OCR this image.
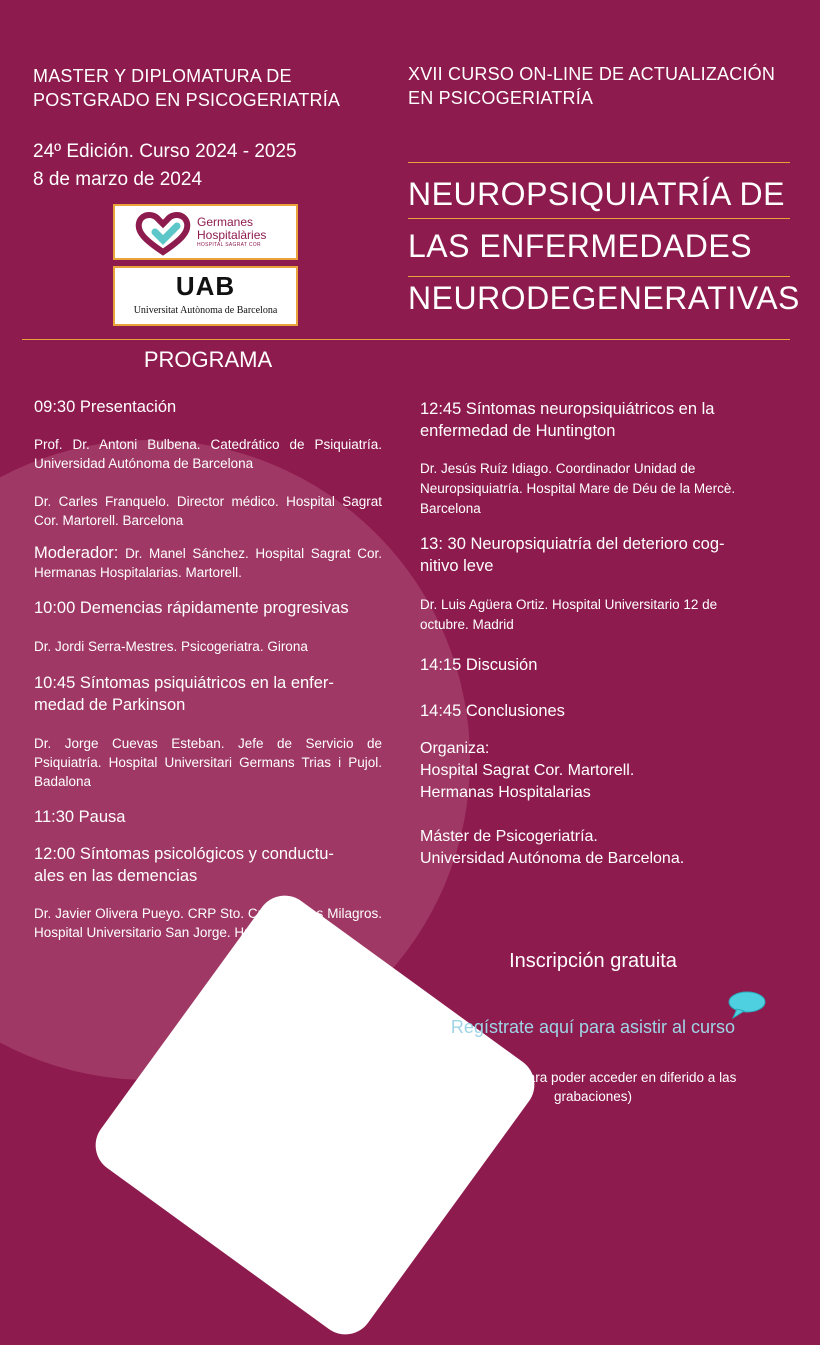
MASTER Y DIPLOMATURA DE
POSTGRADO EN PSICOGERIATRÍA
24º Edición. Curso 2024 - 2025
8 de marzo de 2024
XVII CURSO ON-LINE DE ACTUALIZACIÓN
EN PSICOGERIATRÍA
Germanes
Hospitalàries
HOSPITAL SAGRAT COR
UAB
Universitat Autònoma de Barcelona
NEUROPSIQUIATRÍA DE
LAS ENFERMEDADES
NEURODEGENERATIVAS
PROGRAMA
09:30 Presentación
Prof. Dr. Antoni Bulbena. Catedrático de Psiquiatría. Universidad Autónoma de Barcelona
Dr. Carles Franquelo. Director médico. Hospital Sagrat Cor. Martorell. Barcelona
Moderador: Dr. Manel Sánchez. Hospital Sagrat Cor. Hermanas Hospitalarias. Martorell.
10:00 Demencias rápidamente progresivas
Dr. Jordi Serra-Mestres. Psicogeriatra. Girona
10:45 Síntomas psiquiátricos en la enfer-
medad de Parkinson
Dr. Jorge Cuevas Esteban. Jefe de Servicio de Psiquiatría. Hospital Universitari Germans Trias i Pujol. Badalona
11:30 Pausa
12:00 Síntomas psicológicos y conductu-
ales en las demencias
Dr. Javier Olivera Pueyo. CRP Sto. Cristo de los Milagros. Hospital Universitario San Jorge. Huesca
12:45 Síntomas neuropsiquiátricos en la
enfermedad de Huntington
Dr. Jesús Ruíz Idiago. Coordinador Unidad de Neuropsiquiatría. Hospital Mare de Déu de la Mercè. Barcelona
13: 30 Neuropsiquiatría del deterioro cog-
nitivo leve
Dr. Luis Agüera Ortiz. Hospital Universitario 12 de octubre. Madrid
14:15 Discusión
14:45 Conclusiones
Organiza:
Hospital Sagrat Cor. Martorell.
Hermanas Hospitalarias
Máster de Psicogeriatría.
Universidad Autónoma de Barcelona.
Inscripción gratuita
Regístrate aquí para asistir al curso
(Inscríbase para poder acceder en diferido a las grabaciones)
